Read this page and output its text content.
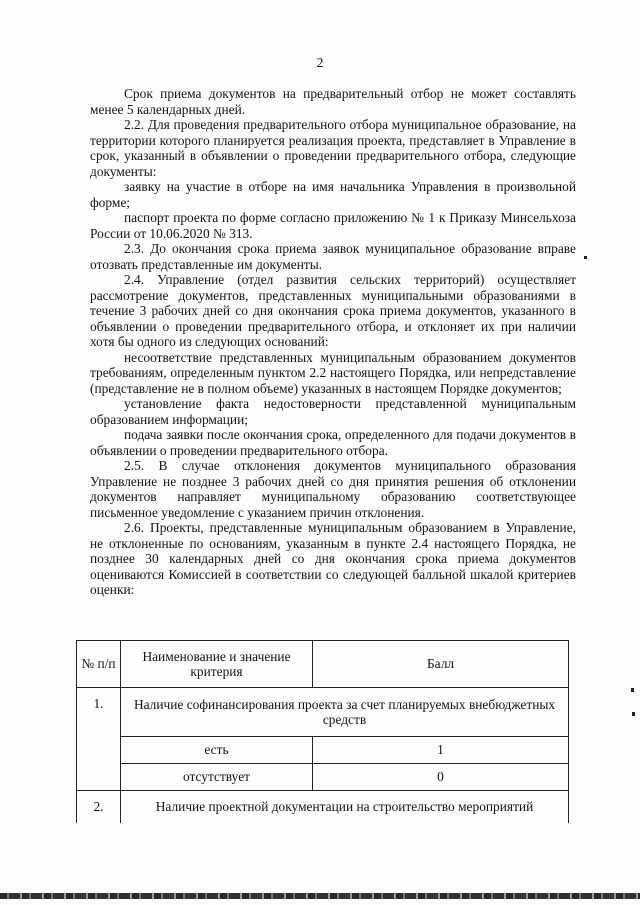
2

Срок приема документов на предварительный отбор не может составлять менее 5 календарных дней.

2.2. Для проведения предварительного отбора муниципальное образование, на территории которого планируется реализация проекта, представляет в Управление в срок, указанный в объявлении о проведении предварительного отбора, следующие документы:

заявку на участие в отборе на имя начальника Управления в произвольной форме;

паспорт проекта по форме согласно приложению № 1 к Приказу Минсельхоза России от 10.06.2020 № 313.

2.3. До окончания срока приема заявок муниципальное образование вправе отозвать представленные им документы.

2.4. Управление (отдел развития сельских территорий) осуществляет рассмотрение документов, представленных муниципальными образованиями в течение 3 рабочих дней со дня окончания срока приема документов, указанного в объявлении о проведении предварительного отбора, и отклоняет их при наличии хотя бы одного из следующих оснований:

несоответствие представленных муниципальным образованием документов требованиям, определенным пунктом 2.2 настоящего Порядка, или непредставление (представление не в полном объеме) указанных в настоящем Порядке документов;

установление факта недостоверности представленной муниципальным образованием информации;

подача заявки после окончания срока, определенного для подачи документов в объявлении о проведении предварительного отбора.

2.5. В случае отклонения документов муниципального образования Управление не позднее 3 рабочих дней со дня принятия решения об отклонении документов направляет муниципальному образованию соответствующее письменное уведомление с указанием причин отклонения.

2.6. Проекты, представленные муниципальным образованием в Управление, не отклоненные по основаниям, указанным в пункте 2.4 настоящего Порядка, не позднее 30 календарных дней со дня окончания срока приема документов оцениваются Комиссией в соответствии со следующей балльной шкалой критериев оценки:

№ п/п	Наименование и значение критерия	Балл
1.	Наличие софинансирования проекта за счет планируемых внебюджетных средств	
	есть	1
	отсутствует	0
2.	Наличие проектной документации на строительство мероприятий	
